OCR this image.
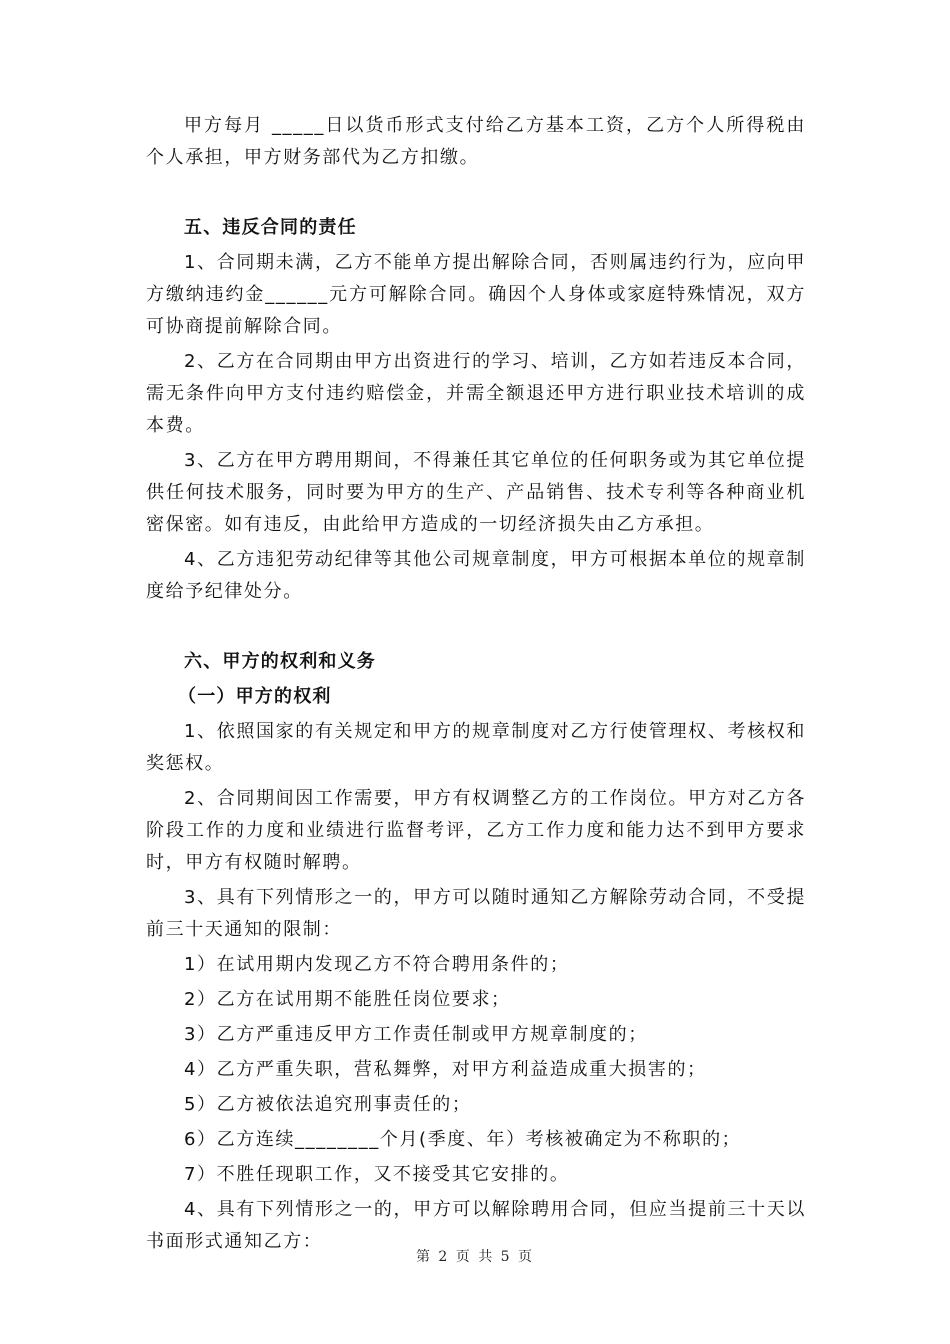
甲方每月 _____日以货币形式支付给乙方基本工资，乙方个人所得税由个人承担，甲方财务部代为乙方扣缴。

五、违反合同的责任

1、合同期未满，乙方不能单方提出解除合同，否则属违约行为，应向甲方缴纳违约金______元方可解除合同。确因个人身体或家庭特殊情况，双方可协商提前解除合同。

2、乙方在合同期由甲方出资进行的学习、培训，乙方如若违反本合同，需无条件向甲方支付违约赔偿金，并需全额退还甲方进行职业技术培训的成本费。

3、乙方在甲方聘用期间，不得兼任其它单位的任何职务或为其它单位提供任何技术服务，同时要为甲方的生产、产品销售、技术专利等各种商业机密保密。如有违反，由此给甲方造成的一切经济损失由乙方承担。

4、乙方违犯劳动纪律等其他公司规章制度，甲方可根据本单位的规章制度给予纪律处分。

六、甲方的权利和义务

（一）甲方的权利

1、依照国家的有关规定和甲方的规章制度对乙方行使管理权、考核权和奖惩权。

2、合同期间因工作需要，甲方有权调整乙方的工作岗位。甲方对乙方各阶段工作的力度和业绩进行监督考评，乙方工作力度和能力达不到甲方要求时，甲方有权随时解聘。

3、具有下列情形之一的，甲方可以随时通知乙方解除劳动合同，不受提前三十天通知的限制：

1）在试用期内发现乙方不符合聘用条件的；

2）乙方在试用期不能胜任岗位要求；

3）乙方严重违反甲方工作责任制或甲方规章制度的；

4）乙方严重失职，营私舞弊，对甲方利益造成重大损害的；

5）乙方被依法追究刑事责任的；

6）乙方连续________个月(季度、年）考核被确定为不称职的；

7）不胜任现职工作，又不接受其它安排的。

4、具有下列情形之一的，甲方可以解除聘用合同，但应当提前三十天以书面形式通知乙方：

第 2 页 共 5 页
